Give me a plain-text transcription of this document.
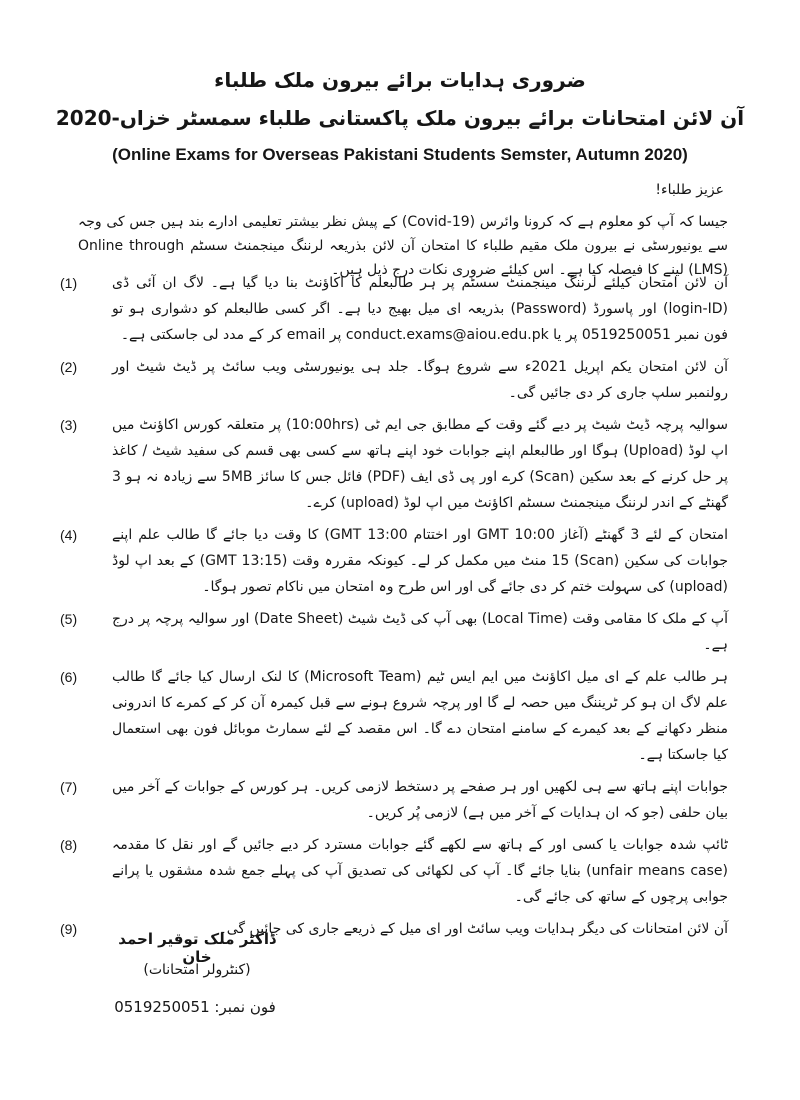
ضروری ہدایات برائے بیرون ملک طلباء
آن لائن امتحانات برائے بیرون ملک پاکستانی طلباء سمسٹر خزاں-2020
(Online Exams for Overseas Pakistani Students Semster, Autumn 2020)
عزیز طلباء!
جیسا کہ آپ کو معلوم ہے کہ کرونا وائرس (Covid-19) کے پیش نظر بیشتر تعلیمی ادارے بند ہیں جس کی وجہ سے یونیورسٹی نے بیرون ملک مقیم طلباء کا امتحان آن لائن بذریعہ لرننگ مینجمنٹ سسٹم Online through (LMS) لینے کا فیصلہ کیا ہے۔ اس کیلئے ضروری نکات درج ذیل ہیں۔
(1)	آن لائن امتحان کیلئے لرننگ مینجمنٹ سسٹم پر ہر طالبعلم کا اکاؤنٹ بنا دیا گیا ہے۔ لاگ ان آئی ڈی (login-ID) اور پاسورڈ (Password) بذریعہ ای میل بھیج دیا ہے۔ اگر کسی طالبعلم کو دشواری ہو تو فون نمبر 0519250051 پر یا conduct.exams@aiou.edu.pk پر email کر کے مدد لی جاسکتی ہے۔
(2)	آن لائن امتحان یکم اپریل 2021ء سے شروع ہوگا۔ جلد ہی یونیورسٹی ویب سائٹ پر ڈیٹ شیٹ اور رولنمبر سلپ جاری کر دی جائیں گی۔
(3)	سوالیہ پرچہ ڈیٹ شیٹ پر دیے گئے وقت کے مطابق جی ایم ٹی (10:00hrs) پر متعلقہ کورس اکاؤنٹ میں اپ لوڈ (Upload) ہوگا اور طالبعلم اپنے جوابات خود اپنے ہاتھ سے کسی بھی قسم کی سفید شیٹ / کاغذ پر حل کرنے کے بعد سکین (Scan) کرے اور پی ڈی ایف (PDF) فائل جس کا سائز 5MB سے زیادہ نہ ہو 3 گھنٹے کے اندر لرننگ مینجمنٹ سسٹم اکاؤنٹ میں اپ لوڈ (upload) کرے۔
(4)	امتحان کے لئے 3 گھنٹے (آغاز 10:00 GMT اور اختتام 13:00 GMT) کا وقت دیا جائے گا طالب علم اپنے جوابات کی سکین (Scan) 15 منٹ میں مکمل کر لے۔ کیونکہ مقررہ وقت (13:15 GMT) کے بعد اپ لوڈ (upload) کی سہولت ختم کر دی جائے گی اور اس طرح وہ امتحان میں ناکام تصور ہوگا۔
(5)	آپ کے ملک کا مقامی وقت (Local Time) بھی آپ کی ڈیٹ شیٹ (Date Sheet) اور سوالیہ پرچہ پر درج ہے۔
(6)	ہر طالب علم کے ای میل اکاؤنٹ میں ایم ایس ٹیم (Microsoft Team) کا لنک ارسال کیا جائے گا طالب علم لاگ ان ہو کر ٹریننگ میں حصہ لے گا اور پرچہ شروع ہونے سے قبل کیمرہ آن کر کے کمرے کا اندرونی منظر دکھانے کے بعد کیمرے کے سامنے امتحان دے گا۔ اس مقصد کے لئے سمارٹ موبائل فون بھی استعمال کیا جاسکتا ہے۔
(7)	جوابات اپنے ہاتھ سے ہی لکھیں اور ہر صفحے پر دستخط لازمی کریں۔ ہر کورس کے جوابات کے آخر میں بیان حلفی (جو کہ ان ہدایات کے آخر میں ہے) لازمی پُر کریں۔
(8)	ٹائپ شدہ جوابات یا کسی اور کے ہاتھ سے لکھے گئے جوابات مسترد کر دیے جائیں گے اور نقل کا مقدمہ (unfair means case) بنایا جائے گا۔ آپ کی لکھائی کی تصدیق آپ کی پہلے جمع شدہ مشقوں یا پرانے جوابی پرچوں کے ساتھ کی جائے گی۔
(9)	آن لائن امتحانات کی دیگر ہدایات ویب سائٹ اور ای میل کے ذریعے جاری کی جائیں گی۔
ڈاکٹر ملک توقیر احمد خان
(کنٹرولر امتحانات)
فون نمبر: 0519250051
